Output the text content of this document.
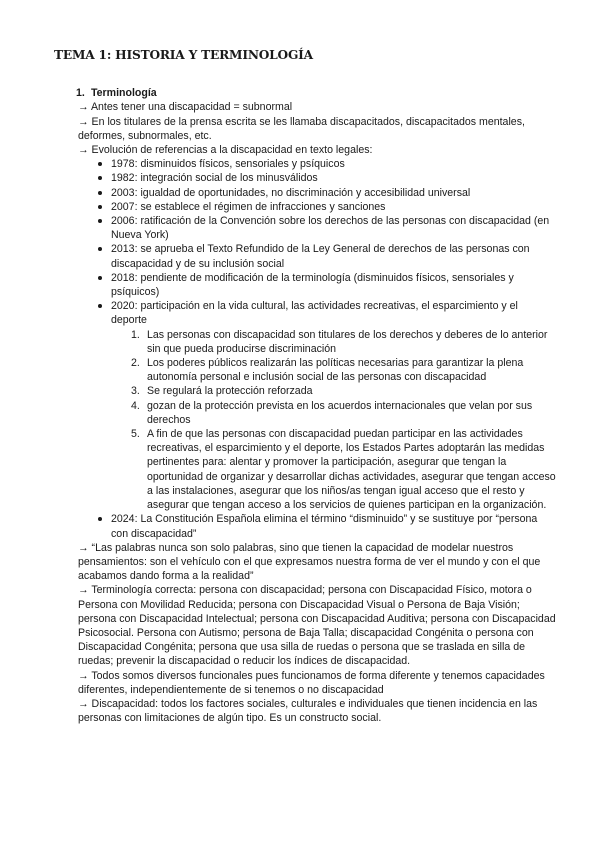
TEMA 1: HISTORIA Y TERMINOLOGÍA
1. Terminología
→ Antes tener una discapacidad = subnormal
→ En los titulares de la prensa escrita se les llamaba discapacitados, discapacitados mentales, deformes, subnormales, etc.
→ Evolución de referencias a la discapacidad en texto legales:
1978: disminuidos físicos, sensoriales y psíquicos
1982: integración social de los minusválidos
2003: igualdad de oportunidades, no discriminación y accesibilidad universal
2007: se establece el régimen de infracciones y sanciones
2006: ratificación de la Convención sobre los derechos de las personas con discapacidad (en Nueva York)
2013: se aprueba el Texto Refundido de la Ley General de derechos de las personas con discapacidad y de su inclusión social
2018: pendiente de modificación de la terminología (disminuidos físicos, sensoriales y psíquicos)
2020: participación en la vida cultural, las actividades recreativas, el esparcimiento y el deporte
1. Las personas con discapacidad son titulares de los derechos y deberes de lo anterior sin que pueda producirse discriminación
2. Los poderes públicos realizarán las políticas necesarias para garantizar la plena autonomía personal e inclusión social de las personas con discapacidad
3. Se regulará la protección reforzada
4. gozan de la protección prevista en los acuerdos internacionales que velan por sus derechos
5. A fin de que las personas con discapacidad puedan participar en las actividades recreativas, el esparcimiento y el deporte, los Estados Partes adoptarán las medidas pertinentes para: alentar y promover la participación, asegurar que tengan la oportunidad de organizar y desarrollar dichas actividades, asegurar que tengan acceso a las instalaciones, asegurar que los niños/as tengan igual acceso que el resto y asegurar que tengan acceso a los servicios de quienes participan en la organización.
2024: La Constitución Española elimina el término “disminuido” y se sustituye por “persona con discapacidad”
→ “Las palabras nunca son solo palabras, sino que tienen la capacidad de modelar nuestros pensamientos: son el vehículo con el que expresamos nuestra forma de ver el mundo y con el que acabamos dando forma a la realidad”
→ Terminología correcta: persona con discapacidad; persona con Discapacidad Físico, motora o Persona con Movilidad Reducida; persona con Discapacidad Visual o Persona de Baja Visión; persona con Discapacidad Intelectual; persona con Discapacidad Auditiva; persona con Discapacidad Psicosocial. Persona con Autismo; persona de Baja Talla; discapacidad Congénita o persona con Discapacidad Congénita; persona que usa silla de ruedas o persona que se traslada en silla de ruedas; prevenir la discapacidad o reducir los índices de discapacidad.
→ Todos somos diversos funcionales pues funcionamos de forma diferente y tenemos capacidades diferentes, independientemente de si tenemos o no discapacidad
→ Discapacidad: todos los factores sociales, culturales e individuales que tienen incidencia en las personas con limitaciones de algún tipo. Es un constructo social.
